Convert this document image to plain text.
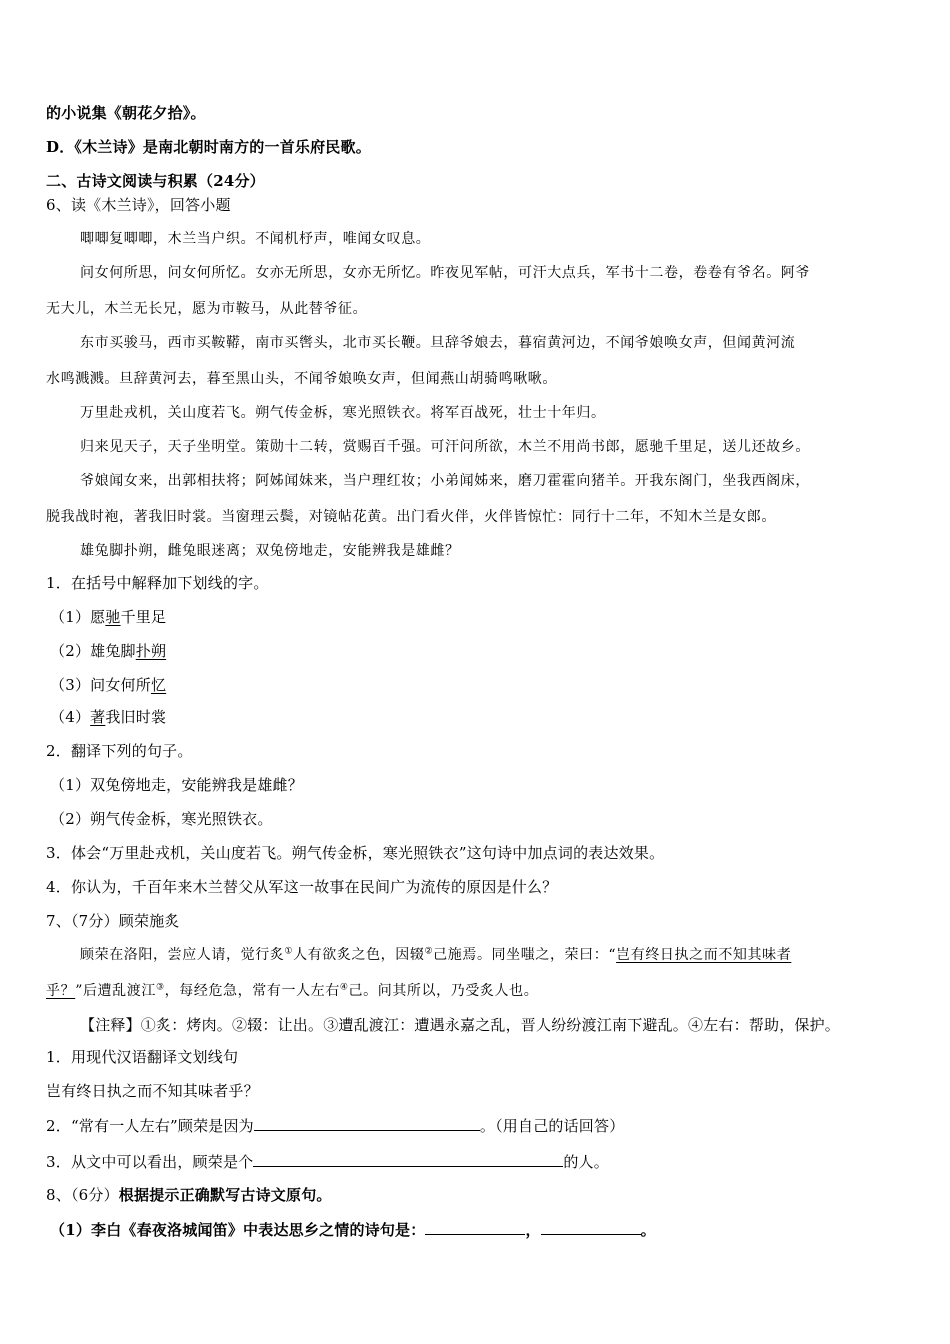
的小说集《朝花夕拾》。
D．《木兰诗》是南北朝时南方的一首乐府民歌。
二、古诗文阅读与积累（24分）
6、读《木兰诗》，回答小题
唧唧复唧唧，木兰当户织。不闻机杼声，唯闻女叹息。
问女何所思，问女何所忆。女亦无所思，女亦无所忆。昨夜见军帖，可汗大点兵，军书十二卷，卷卷有爷名。阿爷
无大儿，木兰无长兄，愿为市鞍马，从此替爷征。
东市买骏马，西市买鞍鞯，南市买辔头，北市买长鞭。旦辞爷娘去，暮宿黄河边，不闻爷娘唤女声，但闻黄河流
水鸣溅溅。旦辞黄河去，暮至黑山头，不闻爷娘唤女声，但闻燕山胡骑鸣啾啾。
万里赴戎机，关山度若飞。朔气传金柝，寒光照铁衣。将军百战死，壮士十年归。
归来见天子，天子坐明堂。策勋十二转，赏赐百千强。可汗问所欲，木兰不用尚书郎，愿驰千里足，送儿还故乡。
爷娘闻女来，出郭相扶将；阿姊闻妹来，当户理红妆；小弟闻姊来，磨刀霍霍向猪羊。开我东阁门，坐我西阁床，
脱我战时袍，著我旧时裳。当窗理云鬓，对镜帖花黄。出门看火伴，火伴皆惊忙：同行十二年，不知木兰是女郎。
雄兔脚扑朔，雌兔眼迷离；双兔傍地走，安能辨我是雄雌？
1．在括号中解释加下划线的字。
（1）愿驰千里足
（2）雄兔脚扑朔
（3）问女何所忆
（4）著我旧时裳
2．翻译下列的句子。
（1）双兔傍地走，安能辨我是雄雌？
（2）朔气传金柝，寒光照铁衣。
3．体会“万里赴戎机，关山度若飞。朔气传金柝，寒光照铁衣”这句诗中加点词的表达效果。
4．你认为，千百年来木兰替父从军这一故事在民间广为流传的原因是什么？
7、（7分）顾荣施炙
顾荣在洛阳，尝应人请，觉行炙①人有欲炙之色，因辍②己施焉。同坐嗤之，荣曰：“岂有终日执之而不知其味者
乎？”后遭乱渡江③，每经危急，常有一人左右④己。问其所以，乃受炙人也。
【注释】①炙：烤肉。②辍：让出。③遭乱渡江：遭遇永嘉之乱，晋人纷纷渡江南下避乱。④左右：帮助，保护。
1．用现代汉语翻译文划线句
岂有终日执之而不知其味者乎？
2．“常有一人左右”顾荣是因为	。（用自己的话回答）
3．从文中可以看出，顾荣是个	的人。
8、（6分）根据提示正确默写古诗文原句。
（1）李白《春夜洛城闻笛》中表达思乡之情的诗句是：	，	。
